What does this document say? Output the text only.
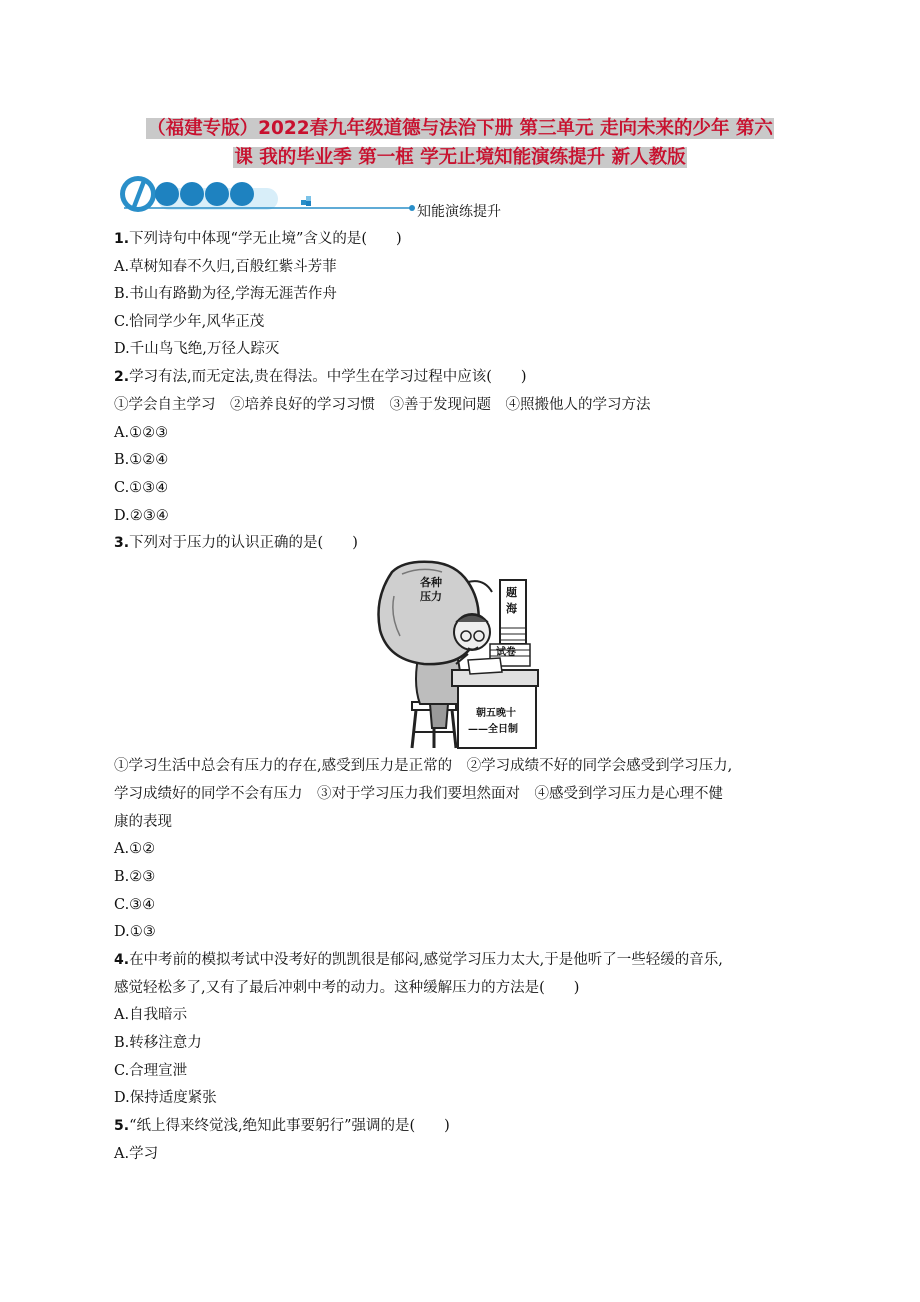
（福建专版）2022春九年级道德与法治下册 第三单元 走向未来的少年 第六
课 我的毕业季 第一框 学无止境知能演练提升 新人教版
知能演练提升
1.下列诗句中体现“学无止境”含义的是(　　)
A.草树知春不久归,百般红紫斗芳菲
B.书山有路勤为径,学海无涯苦作舟
C.恰同学少年,风华正茂
D.千山鸟飞绝,万径人踪灭
2.学习有法,而无定法,贵在得法。中学生在学习过程中应该(　　)
①学会自主学习　②培养良好的学习习惯　③善于发现问题　④照搬他人的学习方法
A.①②③
B.①②④
C.①③④
D.②③④
3.下列对于压力的认识正确的是(　　)
各种
压力	题
海
试卷
朝五晚十
——全日制
①学习生活中总会有压力的存在,感受到压力是正常的　②学习成绩不好的同学会感受到学习压力,
学习成绩好的同学不会有压力　③对于学习压力我们要坦然面对　④感受到学习压力是心理不健
康的表现
A.①②
B.②③
C.③④
D.①③
4.在中考前的模拟考试中没考好的凯凯很是郁闷,感觉学习压力太大,于是他听了一些轻缓的音乐,
感觉轻松多了,又有了最后冲刺中考的动力。这种缓解压力的方法是(　　)
A.自我暗示
B.转移注意力
C.合理宣泄
D.保持适度紧张
5.“纸上得来终觉浅,绝知此事要躬行”强调的是(　　)
A.学习
